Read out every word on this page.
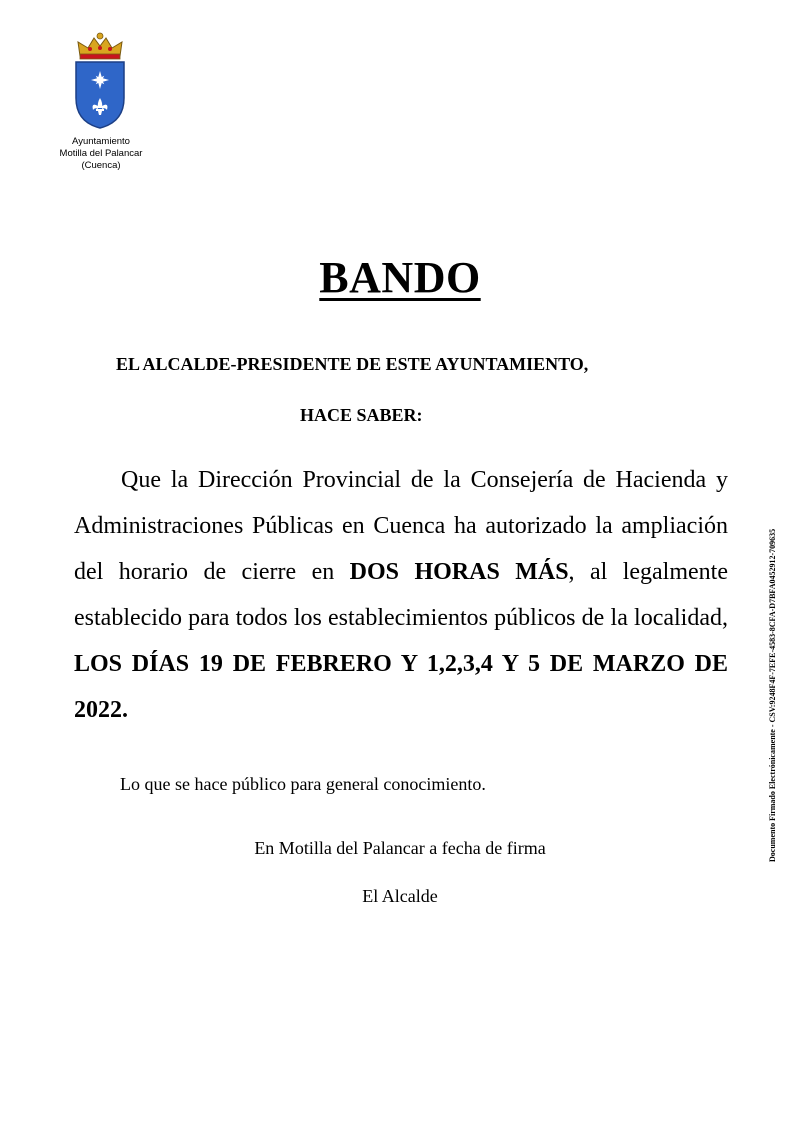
Ayuntamiento
Motilla del Palancar
(Cuenca)
BANDO
EL ALCALDE-PRESIDENTE DE ESTE AYUNTAMIENTO,
HACE SABER:

Que la Dirección Provincial de la Consejería de Hacienda y Administraciones Públicas en Cuenca ha autorizado la ampliación del horario de cierre en DOS HORAS MÁS, al legalmente establecido para todos los establecimientos públicos de la localidad, LOS DÍAS 19 DE FEBRERO Y 1,2,3,4 Y 5 DE MARZO DE 2022.

Lo que se hace público para general conocimiento.
En Motilla del Palancar a fecha de firma
El Alcalde
Documento Firmado Electrónicamente - CSV:9248F4F-7EFE-4583-8CFA-D7BFA0452912-709635
